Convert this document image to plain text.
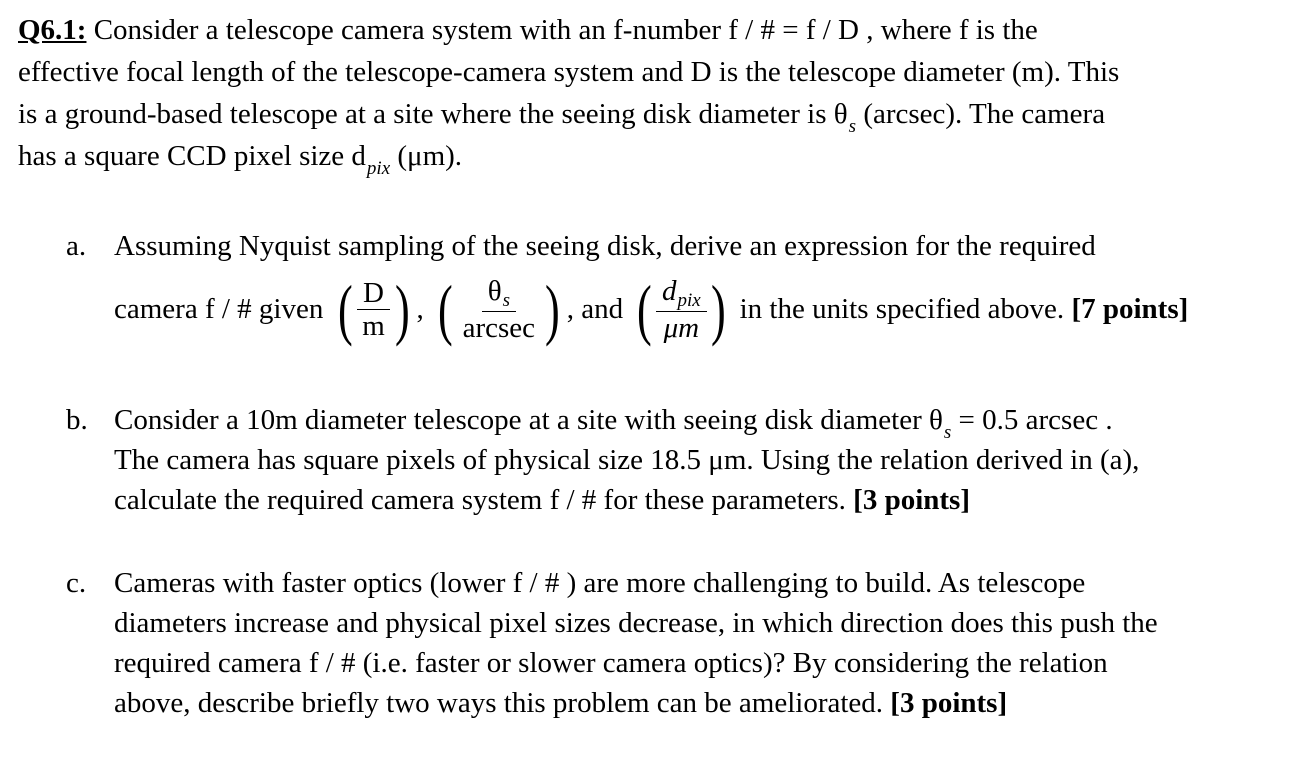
Q6.1: Consider a telescope camera system with an f-number f / # = f / D , where f is the
effective focal length of the telescope-camera system and D is the telescope diameter (m). This
is a ground-based telescope at a site where the seeing disk diameter is $\theta_s$ (arcsec). The camera
has a square CCD pixel size $d_{pix}$ (μm).
a. Assuming Nyquist sampling of the seeing disk, derive an expression for the required
camera f / # given ( $\frac{D}{m}$ ) , ( $\frac{\theta_s}{\text{arcsec}}$ ) , and ( $\frac{d_{pix}}{\mu m}$ ) in the units specified above. [7 points]
b. Consider a 10m diameter telescope at a site with seeing disk diameter $\theta_s = 0.5$ arcsec .
The camera has square pixels of physical size 18.5 μm. Using the relation derived in (a),
calculate the required camera system f / # for these parameters. [3 points]
c. Cameras with faster optics (lower f / # ) are more challenging to build. As telescope
diameters increase and physical pixel sizes decrease, in which direction does this push the
required camera f / # (i.e. faster or slower camera optics)? By considering the relation
above, describe briefly two ways this problem can be ameliorated. [3 points]
